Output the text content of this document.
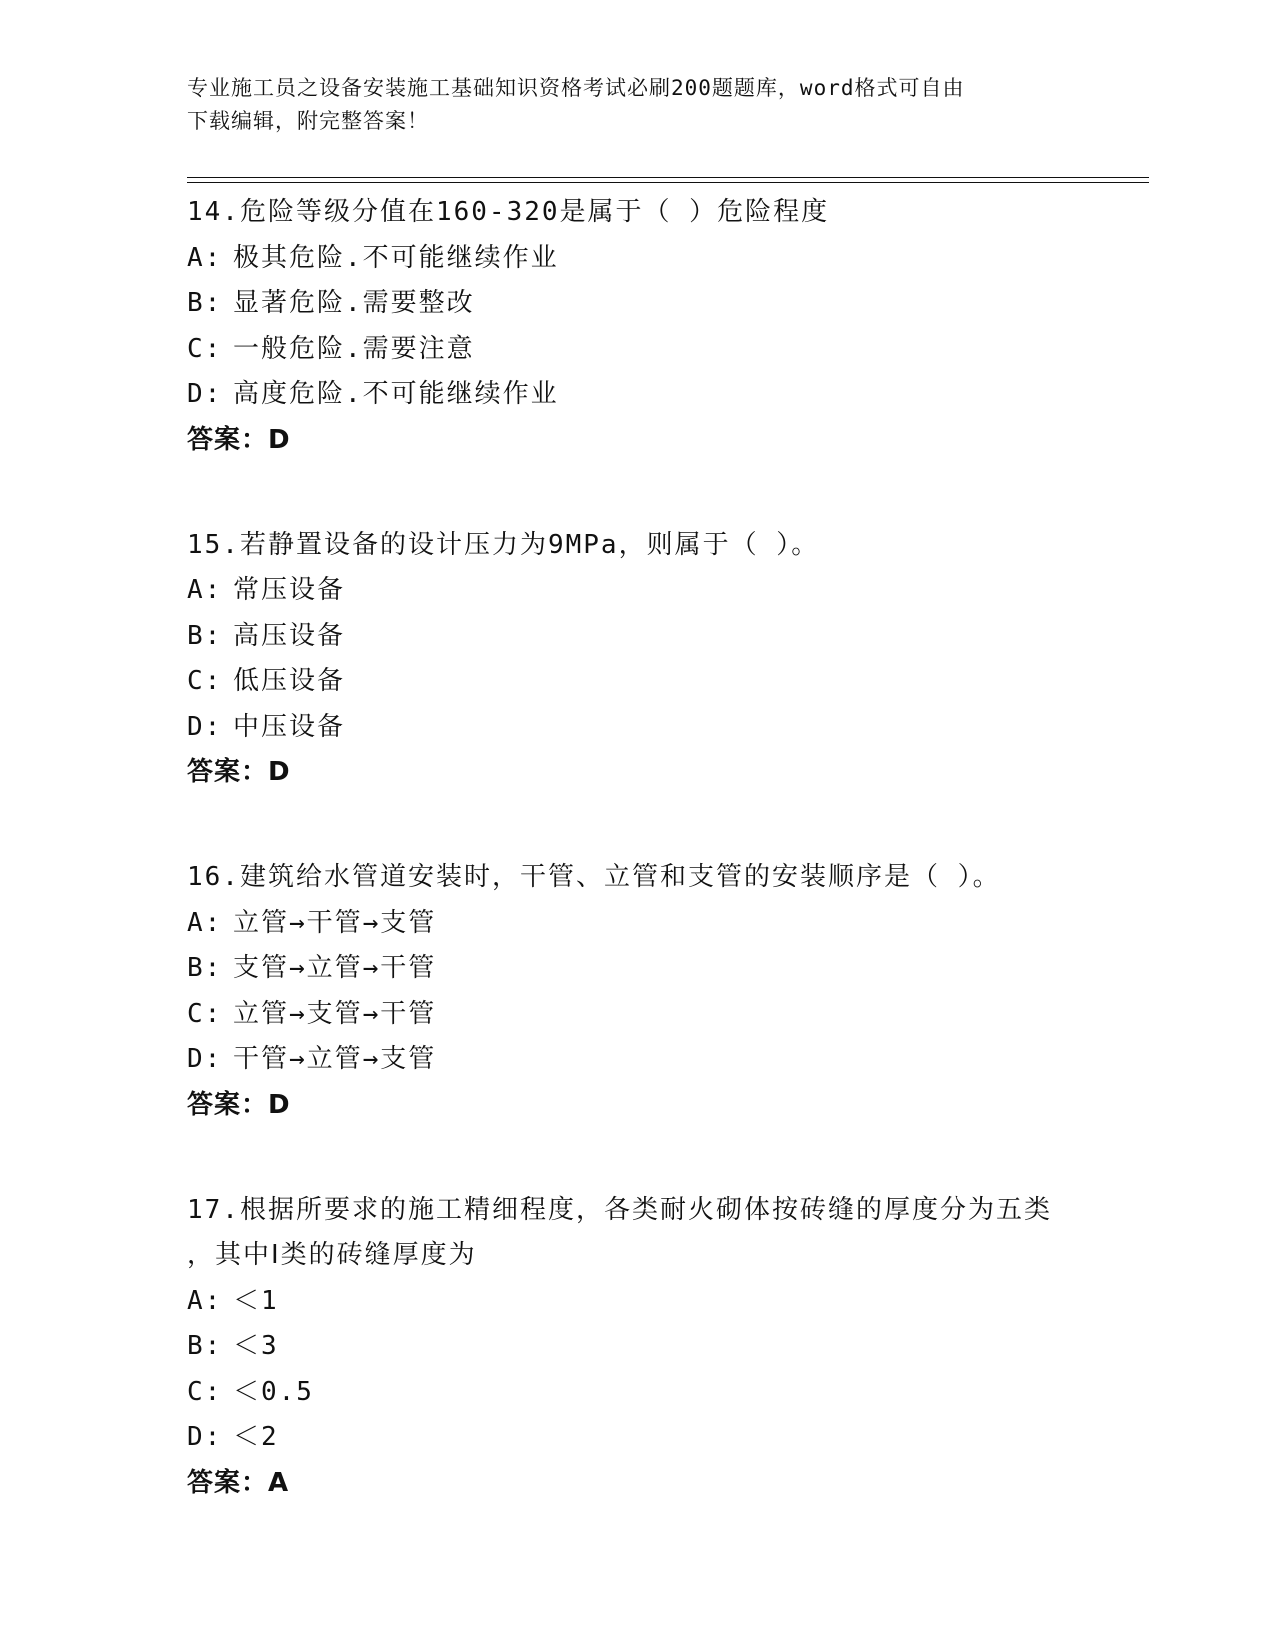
专业施工员之设备安装施工基础知识资格考试必刷200题题库，word格式可自由
下载编辑，附完整答案！
14.危险等级分值在160-320是属于（ ）危险程度
A: 极其危险.不可能继续作业
B: 显著危险.需要整改
C: 一般危险.需要注意
D: 高度危险.不可能继续作业
答案：D
15.若静置设备的设计压力为9MPa，则属于（ ）。
A: 常压设备
B: 高压设备
C: 低压设备
D: 中压设备
答案：D
16.建筑给水管道安装时，干管、立管和支管的安装顺序是（ ）。
A: 立管→干管→支管
B: 支管→立管→干管
C: 立管→支管→干管
D: 干管→立管→支管
答案：D
17.根据所要求的施工精细程度，各类耐火砌体按砖缝的厚度分为五类
，其中Ⅰ类的砖缝厚度为
A: ＜1
B: ＜3
C: ＜0.5
D: ＜2
答案：A
